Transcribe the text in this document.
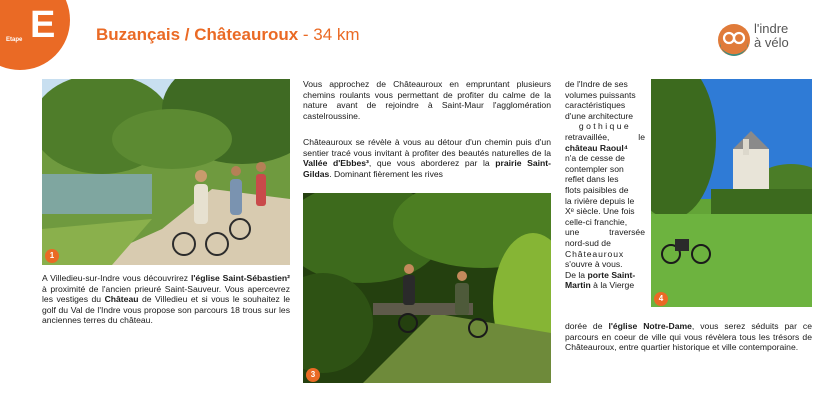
Etape E Buzançais / Châteauroux - 34 km	l'indre
à vélo
1
3
4
A Villedieu-sur-Indre vous découvrirez l'église Saint-Sébastien² à proximité de l'ancien prieuré Saint-Sauveur. Vous apercevrez les vestiges du Château de Villedieu et si vous le souhaitez le golf du Val de l'Indre vous propose son parcours 18 trous sur les anciennes terres du château.
Vous approchez de Châteauroux en empruntant plusieurs chemins roulants vous permettant de profiter du calme de la nature avant de rejoindre à Saint-Maur l'agglomération castelroussine.
Châteauroux se révèle à vous au détour d'un chemin puis d'un sentier tracé vous invitant à profiter des beautés naturelles de la Vallée d'Ebbes³, que vous aborderez par la prairie Saint-Gildas. Dominant fièrement les rives
de l'Indre de ses
volumes puissants
caractéristiques
d'une architecture
gothique
retravaillée,	le
château Raoul⁴
n'a de cesse de
contempler son
reflet dans les
flots paisibles de
la rivière depuis le
Xᵉ siècle. Une fois
celle-ci franchie,
une	traversée
nord-sud de
Châteauroux
s'ouvre à vous.
De la porte Saint-
Martin à la Vierge
dorée de l'église Notre-Dame, vous serez séduits par ce parcours en coeur de ville qui vous révèlera tous les trésors de Châteauroux, entre quartier historique et ville contemporaine.
